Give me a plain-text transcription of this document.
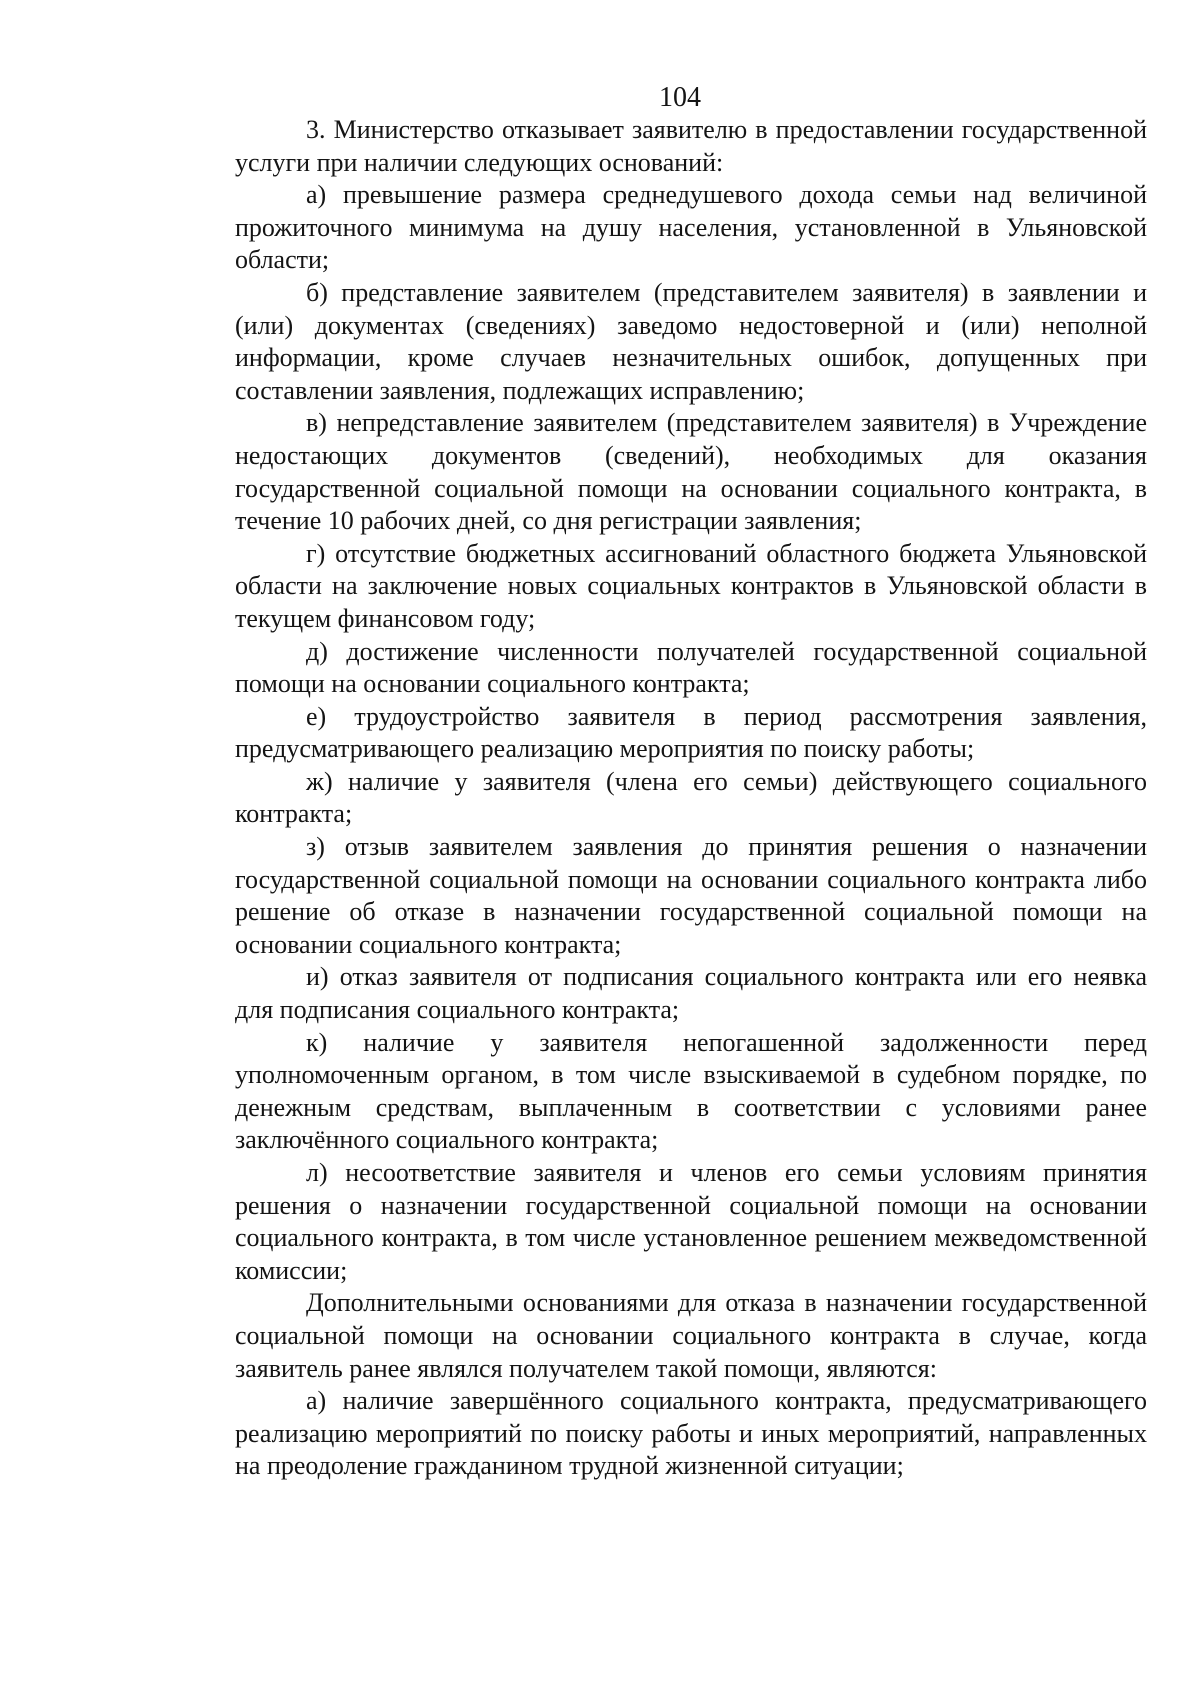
104

3. Министерство отказывает заявителю в предоставлении государственной услуги при наличии следующих оснований:

а) превышение размера среднедушевого дохода семьи над величиной прожиточного минимума на душу населения, установленной в Ульяновской области;

б) представление заявителем (представителем заявителя) в заявлении и (или) документах (сведениях) заведомо недостоверной и (или) неполной информации, кроме случаев незначительных ошибок, допущенных при составлении заявления, подлежащих исправлению;

в) непредставление заявителем (представителем заявителя) в Учреждение недостающих документов (сведений), необходимых для оказания государственной социальной помощи на основании социального контракта, в течение 10 рабочих дней, со дня регистрации заявления;

г) отсутствие бюджетных ассигнований областного бюджета Ульяновской области на заключение новых социальных контрактов в Ульяновской области в текущем финансовом году;

д) достижение численности получателей государственной социальной помощи на основании социального контракта;

е) трудоустройство заявителя в период рассмотрения заявления, предусматривающего реализацию мероприятия по поиску работы;

ж) наличие у заявителя (члена его семьи) действующего социального контракта;

з) отзыв заявителем заявления до принятия решения о назначении государственной социальной помощи на основании социального контракта либо решение об отказе в назначении государственной социальной помощи на основании социального контракта;

и) отказ заявителя от подписания социального контракта или его неявка для подписания социального контракта;

к) наличие у заявителя непогашенной задолженности перед уполномоченным органом, в том числе взыскиваемой в судебном порядке, по денежным средствам, выплаченным в соответствии с условиями ранее заключённого социального контракта;

л) несоответствие заявителя и членов его семьи условиям принятия решения о назначении государственной социальной помощи на основании социального контракта, в том числе установленное решением межведомственной комиссии;

Дополнительными основаниями для отказа в назначении государственной социальной помощи на основании социального контракта в случае, когда заявитель ранее являлся получателем такой помощи, являются:

а) наличие завершённого социального контракта, предусматривающего реализацию мероприятий по поиску работы и иных мероприятий, направленных на преодоление гражданином трудной жизненной ситуации;
